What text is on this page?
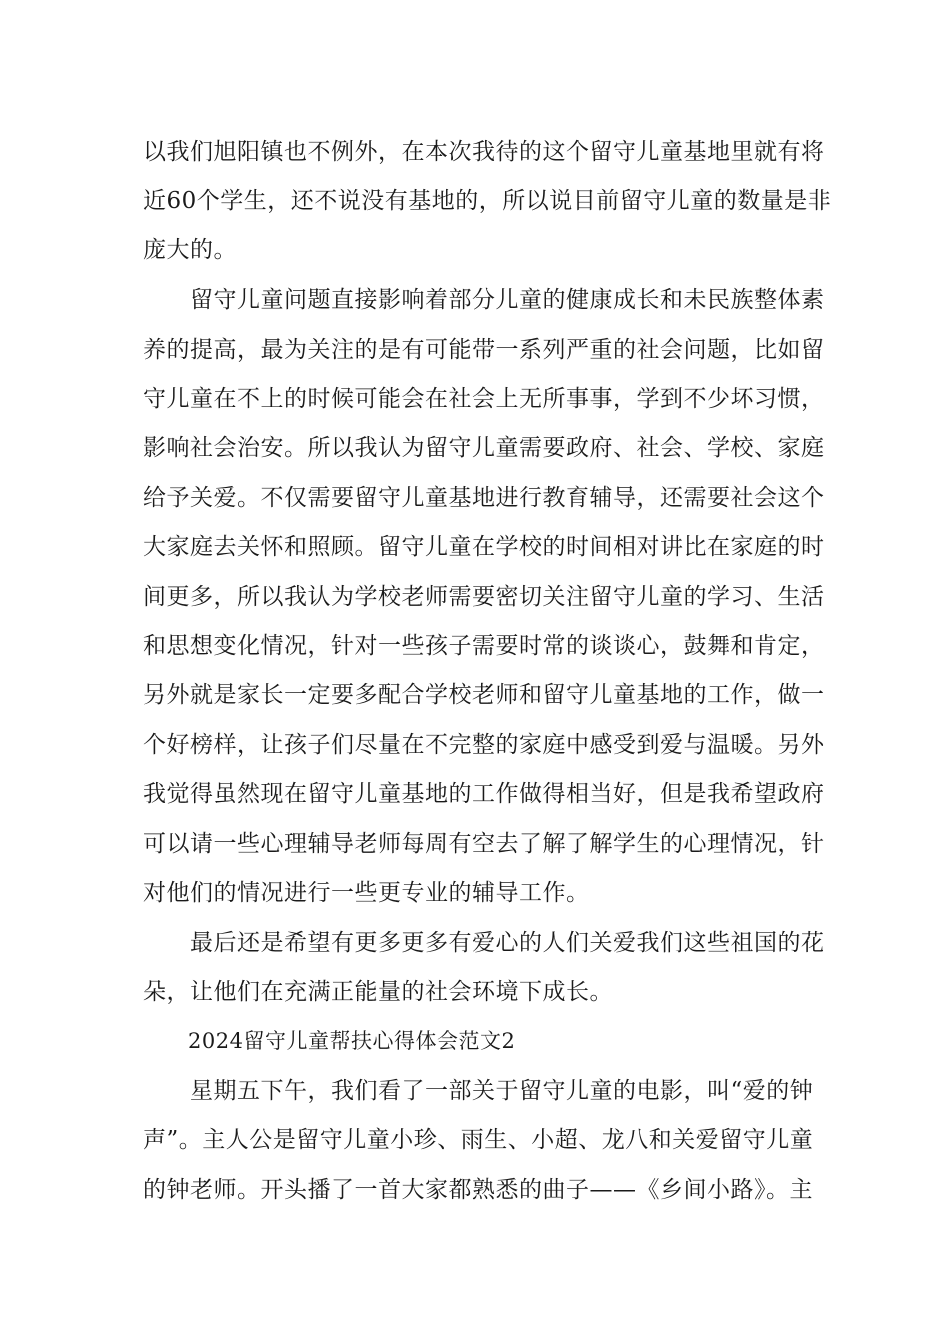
以我们旭阳镇也不例外，在本次我待的这个留守儿童基地里就有将
近60个学生，还不说没有基地的，所以说目前留守儿童的数量是非
庞大的。
留守儿童问题直接影响着部分儿童的健康成长和未民族整体素
养的提高，最为关注的是有可能带一系列严重的社会问题，比如留
守儿童在不上的时候可能会在社会上无所事事，学到不少坏习惯，
影响社会治安。所以我认为留守儿童需要政府、社会、学校、家庭
给予关爱。不仅需要留守儿童基地进行教育辅导，还需要社会这个
大家庭去关怀和照顾。留守儿童在学校的时间相对讲比在家庭的时
间更多，所以我认为学校老师需要密切关注留守儿童的学习、生活
和思想变化情况，针对一些孩子需要时常的谈谈心，鼓舞和肯定，
另外就是家长一定要多配合学校老师和留守儿童基地的工作，做一
个好榜样，让孩子们尽量在不完整的家庭中感受到爱与温暖。另外
我觉得虽然现在留守儿童基地的工作做得相当好，但是我希望政府
可以请一些心理辅导老师每周有空去了解了解学生的心理情况，针
对他们的情况进行一些更专业的辅导工作。
最后还是希望有更多更多有爱心的人们关爱我们这些祖国的花
朵，让他们在充满正能量的社会环境下成长。
2024留守儿童帮扶心得体会范文2
星期五下午，我们看了一部关于留守儿童的电影，叫“爱的钟
声”。主人公是留守儿童小珍、雨生、小超、龙八和关爱留守儿童
的钟老师。开头播了一首大家都熟悉的曲子——《乡间小路》。主
